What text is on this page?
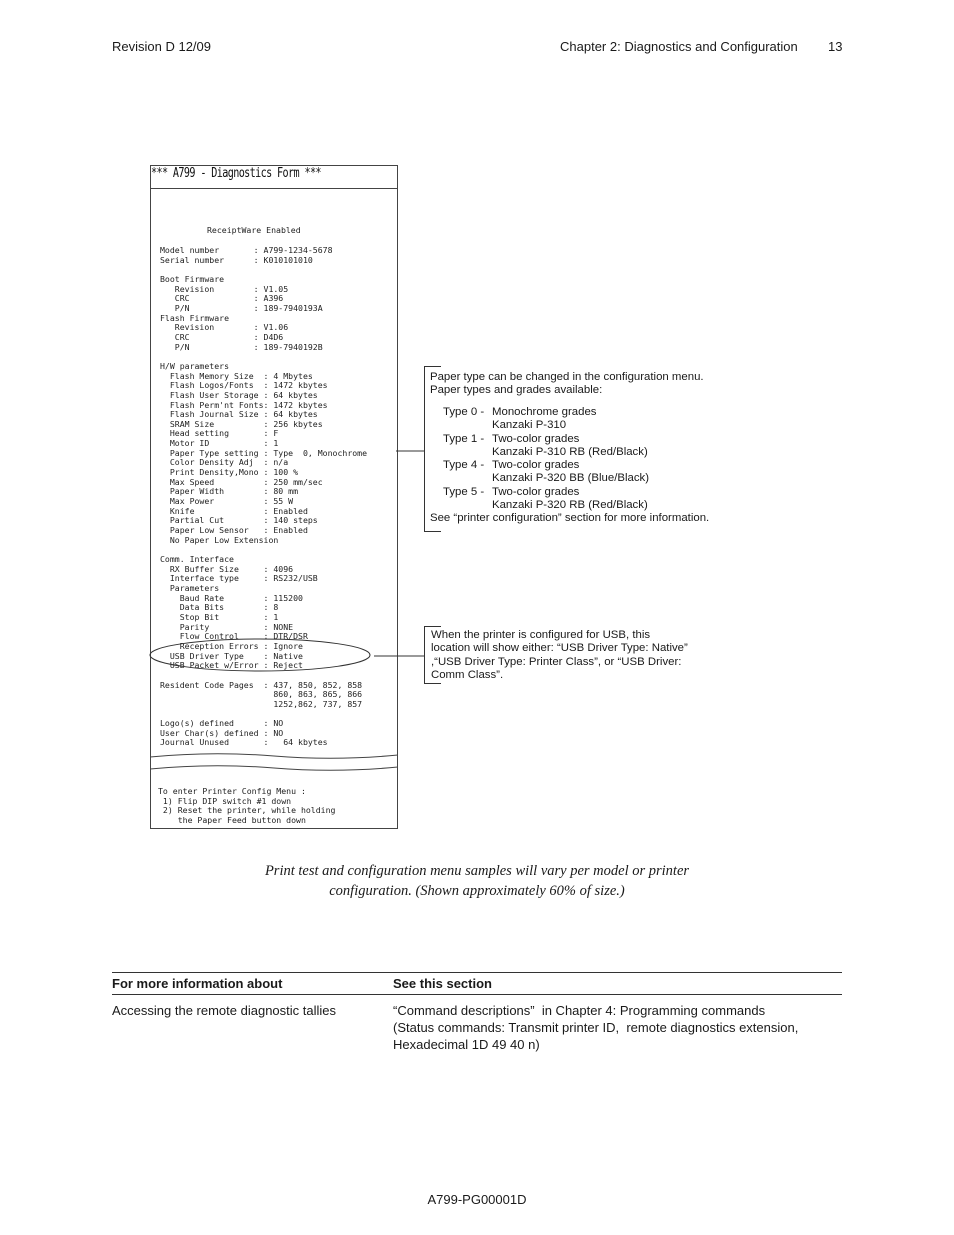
Revision D 12/09	Chapter 2: Diagnostics and Configuration 13
*** A799 - Diagnostics Form ***
ReceiptWare Enabled
Model number       : A799-1234-5678
Serial number      : K010101010

Boot Firmware
Revision        : V1.05
CRC             : A396
P/N             : 189-7940193A
Flash Firmware
Revision        : V1.06
CRC             : D4D6
P/N             : 189-7940192B

H/W parameters
Flash Memory Size  : 4 Mbytes
Flash Logos/Fonts  : 1472 kbytes
Flash User Storage : 64 kbytes
Flash Perm'nt Fonts: 1472 kbytes
Flash Journal Size : 64 kbytes
SRAM Size          : 256 kbytes
Head setting       : F
Motor ID           : 1
Paper Type setting : Type  0, Monochrome
Color Density Adj  : n/a
Print Density,Mono : 100 %
Max Speed          : 250 mm/sec
Paper Width        : 80 mm
Max Power          : 55 W
Knife              : Enabled
Partial Cut        : 140 steps
Paper Low Sensor   : Enabled
No Paper Low Extension

Comm. Interface
RX Buffer Size     : 4096
Interface type     : RS232/USB
Parameters
Baud Rate        : 115200
Data Bits        : 8
Stop Bit         : 1
Parity           : NONE
Flow Control     : DTR/DSR
Reception Errors : Ignore
USB Driver Type    : Native
USB Packet w/Error : Reject

Resident Code Pages  : 437, 850, 852, 858
860, 863, 865, 866
1252,862, 737, 857

Logo(s) defined      : NO
User Char(s) defined : NO
Journal Unused       :   64 kbytes
To enter Printer Config Menu :
1) Flip DIP switch #1 down
2) Reset the printer, while holding
the Paper Feed button down
Paper type can be changed in the configuration menu.
Paper types and grades available:
Type 0 - Monochrome grades
Kanzaki P-310
Type 1 - Two-color grades
Kanzaki P-310 RB (Red/Black)
Type 4 - Two-color grades
Kanzaki P-320 BB (Blue/Black)
Type 5 - Two-color grades
Kanzaki P-320 RB (Red/Black)
See “printer configuration” section for more information.
When the printer is configured for USB, this
location will show either: “USB Driver Type: Native”
,“USB Driver Type: Printer Class”, or “USB Driver:
Comm Class”.
Print test and configuration menu samples will vary per model or printer
configuration. (Shown approximately 60% of size.)
For more information about	See this section
Accessing the remote diagnostic tallies	“Command descriptions”  in Chapter 4: Programming commands
(Status commands: Transmit printer ID,  remote diagnostics extension,
Hexadecimal 1D 49 40 n)
A799-PG00001D
